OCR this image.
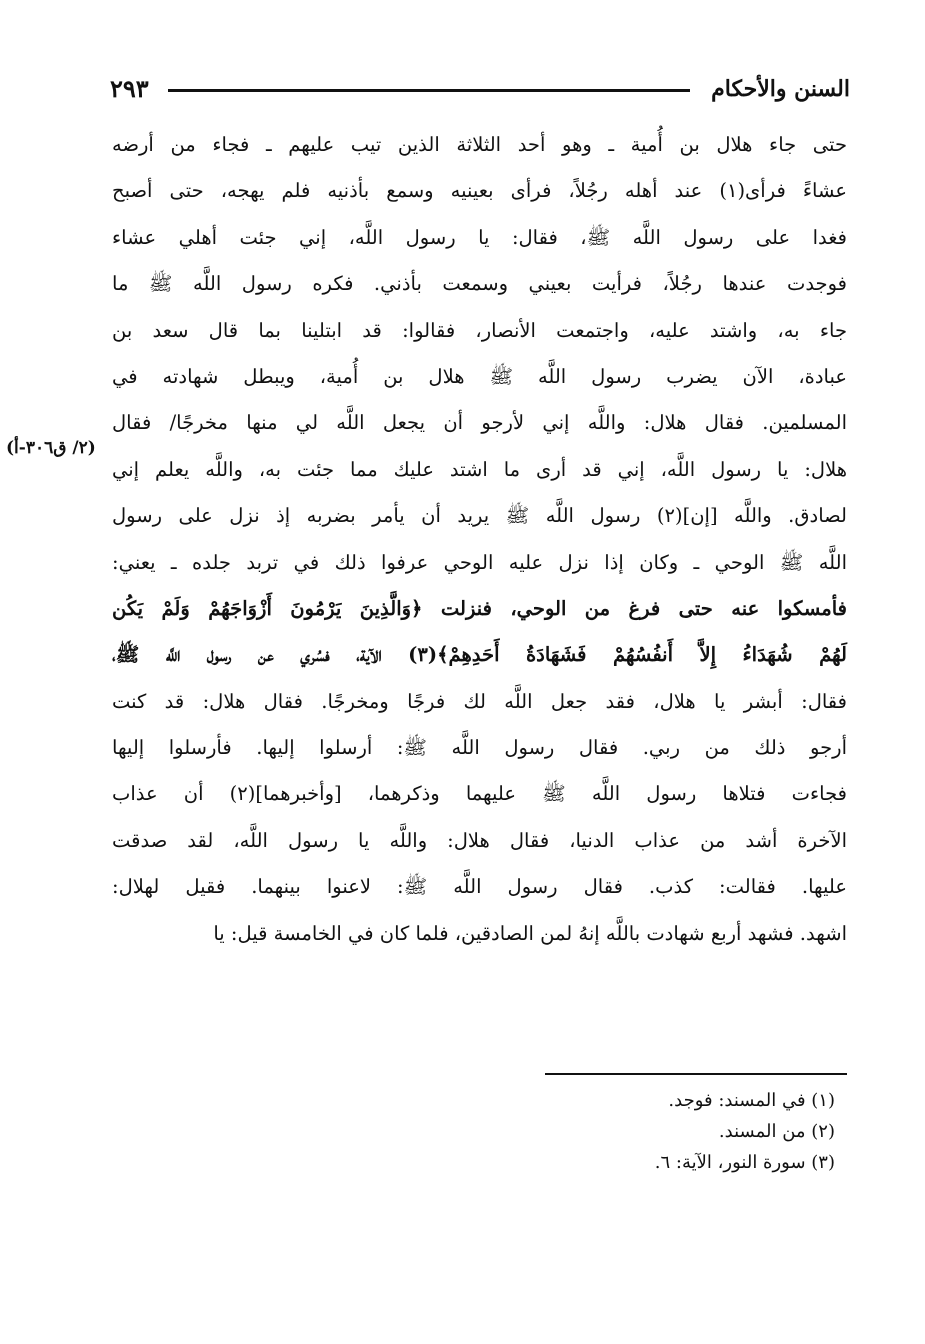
السنن والأحكام
٢٩٣
(٢/ ق٣٠٦-أ)
حتى جاء هلال بن أُمية ـ وهو أحد الثلاثة الذين تيب عليهم ـ فجاء من أرضه
عشاءً فرأى(١) عند أهله رجُلاً، فرأى بعينيه وسمع بأذنيه فلم يهجه، حتى أصبح
فغدا على رسول اللَّه ﷺ، فقال: يا رسول اللَّه، إني جئت أهلي عشاء
فوجدت عندها رجُلاً، فرأيت بعيني وسمعت بأذني. فكره رسول اللَّه ﷺ ما
جاء به، واشتد عليه، واجتمعت الأنصار، فقالوا: قد ابتلينا بما قال سعد بن
عبادة، الآن يضرب رسول اللَّه ﷺ هلال بن أُمية، ويبطل شهادته في
المسلمين. فقال هلال: واللَّه إني لأرجو أن يجعل اللَّه لي منها مخرجًا/ فقال
هلال: يا رسول اللَّه، إني قد أرى ما اشتد عليك مما جئت به، واللَّه يعلم إني
لصادق. واللَّه [إن](٢) رسول اللَّه ﷺ يريد أن يأمر بضربه إذ نزل على رسول
اللَّه ﷺ الوحي ـ وكان إذا نزل عليه الوحي عرفوا ذلك في تربد جلده ـ يعني:
فأمسكوا عنه حتى فرغ من الوحي، فنزلت ﴿وَالَّذِينَ يَرْمُونَ أَزْوَاجَهُمْ وَلَمْ يَكُن
لَهُمْ شُهَدَاءُ إِلاَّ أَنفُسُهُمْ فَشَهَادَةُ أَحَدِهِمْ﴾(٣) الآية، فسُري عن رسول اللَّه ﷺ،
فقال: أبشر يا هلال، فقد جعل اللَّه لك فرجًا ومخرجًا. فقال هلال: قد كنت
أرجو ذلك من ربي. فقال رسول اللَّه ﷺ: أرسلوا إليها. فأرسلوا إليها
فجاءت فتلاها رسول اللَّه ﷺ عليهما وذكرهما، [وأخبرهما](٢) أن عذاب
الآخرة أشد من عذاب الدنيا، فقال هلال: واللَّه يا رسول اللَّه، لقد صدقت
عليها. فقالت: كذب. فقال رسول اللَّه ﷺ: لاعنوا بينهما. فقيل لهلال:
اشهد. فشهد أربع شهادت باللَّه إنهُ لمن الصادقين، فلما كان في الخامسة قيل: يا
(١) في المسند: فوجد.
(٢) من المسند.
(٣) سورة النور، الآية: ٦.
